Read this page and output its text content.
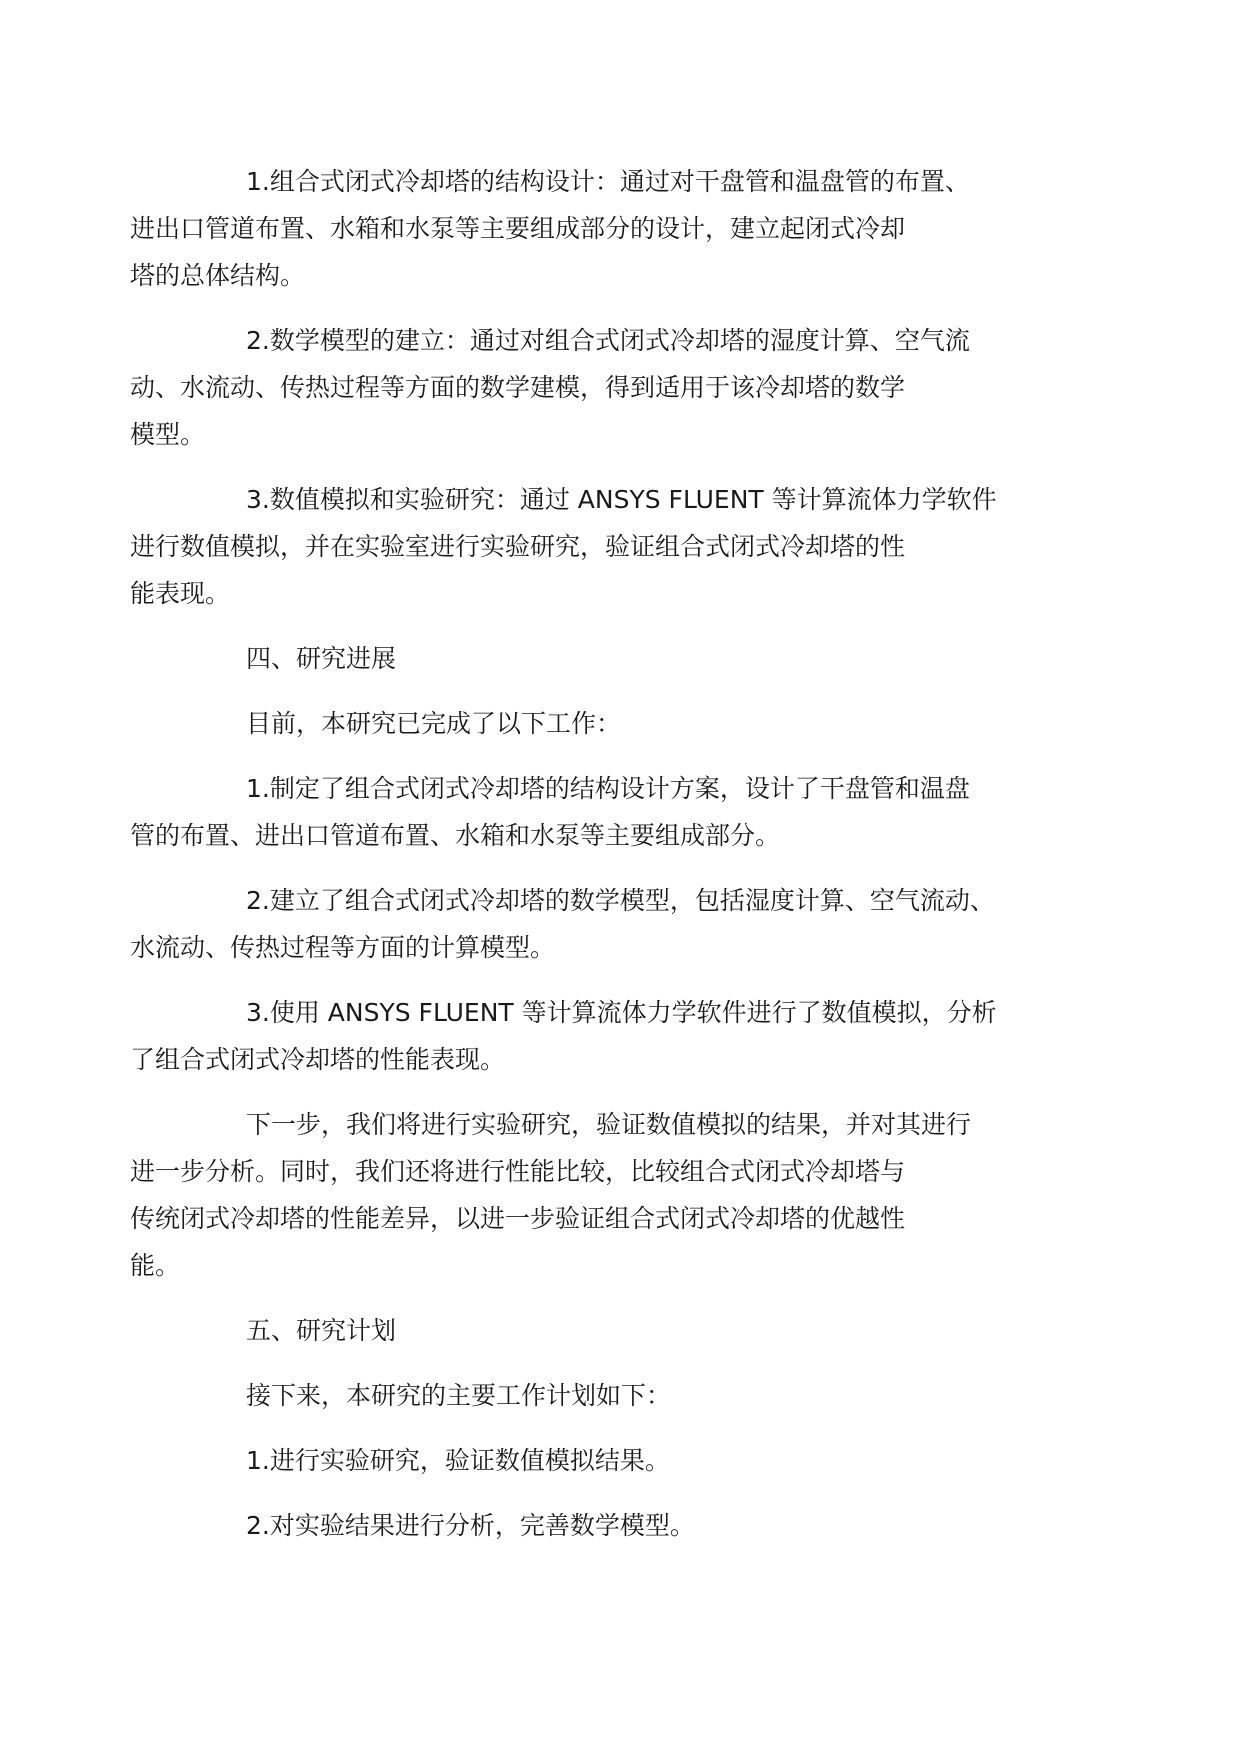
1.组合式闭式冷却塔的结构设计：通过对干盘管和温盘管的布置、
进出口管道布置、水箱和水泵等主要组成部分的设计，建立起闭式冷却
塔的总体结构。

2.数学模型的建立：通过对组合式闭式冷却塔的湿度计算、空气流
动、水流动、传热过程等方面的数学建模，得到适用于该冷却塔的数学
模型。

3.数值模拟和实验研究：通过 ANSYS FLUENT 等计算流体力学软件
进行数值模拟，并在实验室进行实验研究，验证组合式闭式冷却塔的性
能表现。

四、研究进展

目前，本研究已完成了以下工作：

1.制定了组合式闭式冷却塔的结构设计方案，设计了干盘管和温盘
管的布置、进出口管道布置、水箱和水泵等主要组成部分。

2.建立了组合式闭式冷却塔的数学模型，包括湿度计算、空气流动、
水流动、传热过程等方面的计算模型。

3.使用 ANSYS FLUENT 等计算流体力学软件进行了数值模拟，分析
了组合式闭式冷却塔的性能表现。

下一步，我们将进行实验研究，验证数值模拟的结果，并对其进行
进一步分析。同时，我们还将进行性能比较，比较组合式闭式冷却塔与
传统闭式冷却塔的性能差异，以进一步验证组合式闭式冷却塔的优越性
能。

五、研究计划

接下来，本研究的主要工作计划如下：

1.进行实验研究，验证数值模拟结果。

2.对实验结果进行分析，完善数学模型。
